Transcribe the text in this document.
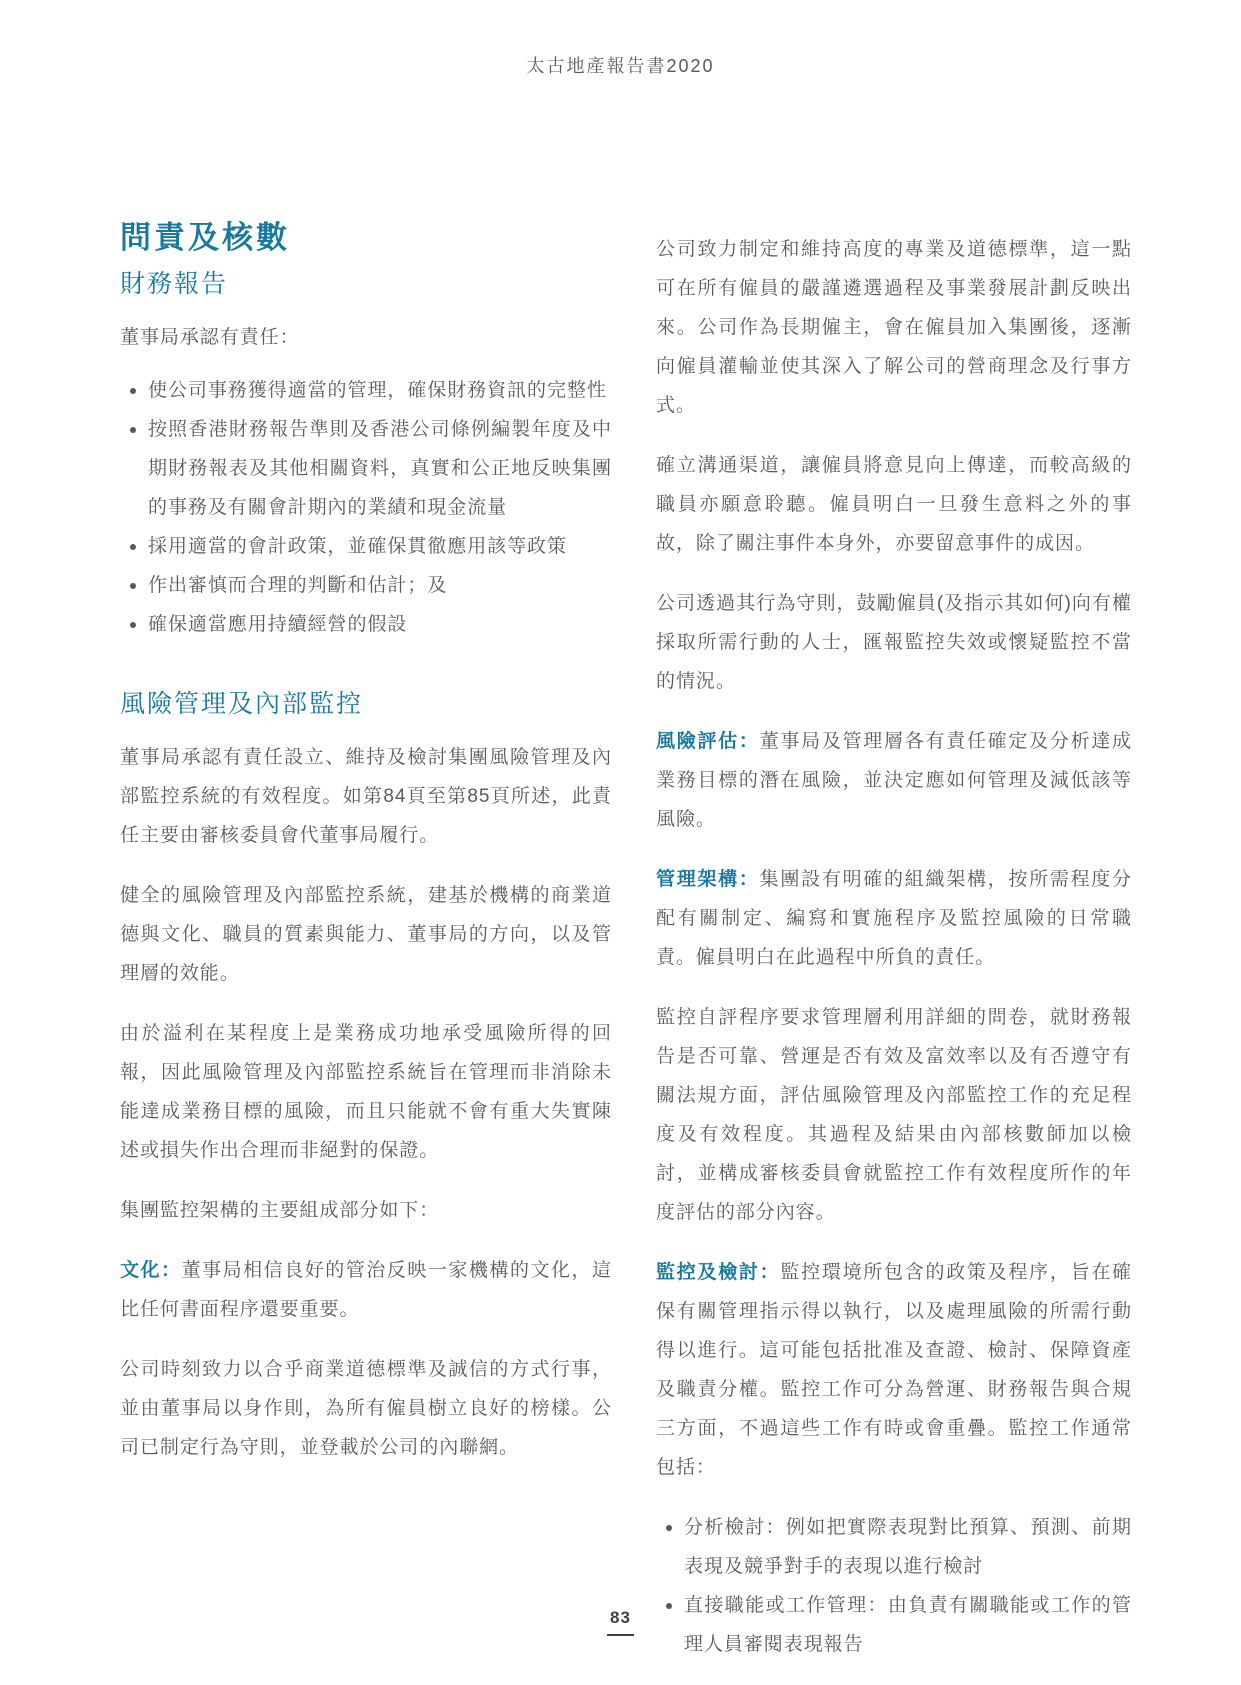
太古地產報告書2020
問責及核數
財務報告

董事局承認有責任：

使公司事務獲得適當的管理，確保財務資訊的完整性
按照香港財務報告準則及香港公司條例編製年度及中期財務報表及其他相關資料，真實和公正地反映集團的事務及有關會計期內的業績和現金流量
採用適當的會計政策，並確保貫徹應用該等政策
作出審慎而合理的判斷和估計；及
確保適當應用持續經營的假設
風險管理及內部監控

董事局承認有責任設立、維持及檢討集團風險管理及內部監控系統的有效程度。如第84頁至第85頁所述，此責任主要由審核委員會代董事局履行。

健全的風險管理及內部監控系統，建基於機構的商業道德與文化、職員的質素與能力、董事局的方向，以及管理層的效能。

由於溢利在某程度上是業務成功地承受風險所得的回報，因此風險管理及內部監控系統旨在管理而非消除未能達成業務目標的風險，而且只能就不會有重大失實陳述或損失作出合理而非絕對的保證。

集團監控架構的主要組成部分如下：

文化：董事局相信良好的管治反映一家機構的文化，這比任何書面程序還要重要。

公司時刻致力以合乎商業道德標準及誠信的方式行事，並由董事局以身作則，為所有僱員樹立良好的榜樣。公司已制定行為守則，並登載於公司的內聯網。

公司致力制定和維持高度的專業及道德標準，這一點可在所有僱員的嚴謹遴選過程及事業發展計劃反映出來。公司作為長期僱主，會在僱員加入集團後，逐漸向僱員灌輸並使其深入了解公司的營商理念及行事方式。

確立溝通渠道，讓僱員將意見向上傳達，而較高級的職員亦願意聆聽。僱員明白一旦發生意料之外的事故，除了關注事件本身外，亦要留意事件的成因。

公司透過其行為守則，鼓勵僱員(及指示其如何)向有權採取所需行動的人士，匯報監控失效或懷疑監控不當的情況。

風險評估：董事局及管理層各有責任確定及分析達成業務目標的潛在風險，並決定應如何管理及減低該等風險。

管理架構：集團設有明確的組織架構，按所需程度分配有關制定、編寫和實施程序及監控風險的日常職責。僱員明白在此過程中所負的責任。

監控自評程序要求管理層利用詳細的問卷，就財務報告是否可靠、營運是否有效及富效率以及有否遵守有關法規方面，評估風險管理及內部監控工作的充足程度及有效程度。其過程及結果由內部核數師加以檢討，並構成審核委員會就監控工作有效程度所作的年度評估的部分內容。

監控及檢討：監控環境所包含的政策及程序，旨在確保有關管理指示得以執行，以及處理風險的所需行動得以進行。這可能包括批准及查證、檢討、保障資產及職責分權。監控工作可分為營運、財務報告與合規三方面，不過這些工作有時或會重疊。監控工作通常包括：

分析檢討：例如把實際表現對比預算、預測、前期表現及競爭對手的表現以進行檢討
直接職能或工作管理：由負責有關職能或工作的管理人員審閱表現報告
83
